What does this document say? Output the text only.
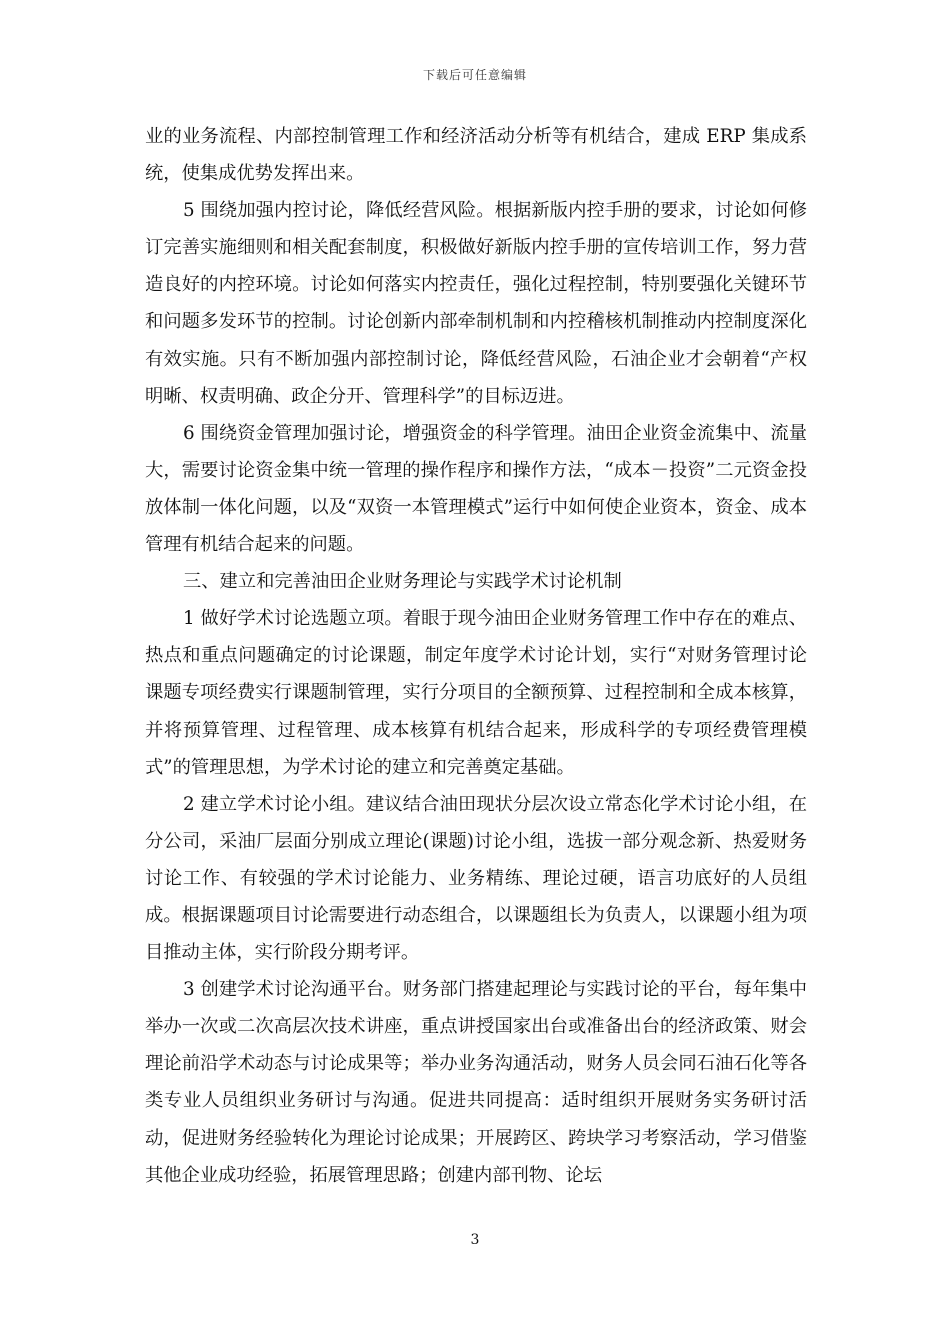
下载后可任意编辑

业的业务流程、内部控制管理工作和经济活动分析等有机结合，建成 ERP 集成系统，使集成优势发挥出来。

5 围绕加强内控讨论，降低经营风险。根据新版内控手册的要求，讨论如何修订完善实施细则和相关配套制度，积极做好新版内控手册的宣传培训工作，努力营造良好的内控环境。讨论如何落实内控责任，强化过程控制，特别要强化关键环节和问题多发环节的控制。讨论创新内部牵制机制和内控稽核机制推动内控制度深化有效实施。只有不断加强内部控制讨论，降低经营风险，石油企业才会朝着“产权明晰、权责明确、政企分开、管理科学”的目标迈进。

6 围绕资金管理加强讨论，增强资金的科学管理。油田企业资金流集中、流量大，需要讨论资金集中统一管理的操作程序和操作方法，“成本－投资”二元资金投放体制一体化问题，以及“双资一本管理模式”运行中如何使企业资本，资金、成本管理有机结合起来的问题。

三、建立和完善油田企业财务理论与实践学术讨论机制

1 做好学术讨论选题立项。着眼于现今油田企业财务管理工作中存在的难点、热点和重点问题确定的讨论课题，制定年度学术讨论计划，实行“对财务管理讨论课题专项经费实行课题制管理，实行分项目的全额预算、过程控制和全成本核算，并将预算管理、过程管理、成本核算有机结合起来，形成科学的专项经费管理模式”的管理思想，为学术讨论的建立和完善奠定基础。

2 建立学术讨论小组。建议结合油田现状分层次设立常态化学术讨论小组，在分公司，采油厂层面分别成立理论(课题)讨论小组，选拔一部分观念新、热爱财务讨论工作、有较强的学术讨论能力、业务精练、理论过硬，语言功底好的人员组成。根据课题项目讨论需要进行动态组合，以课题组长为负责人，以课题小组为项目推动主体，实行阶段分期考评。

3 创建学术讨论沟通平台。财务部门搭建起理论与实践讨论的平台，每年集中举办一次或二次高层次技术讲座，重点讲授国家出台或准备出台的经济政策、财会理论前沿学术动态与讨论成果等；举办业务沟通活动，财务人员会同石油石化等各类专业人员组织业务研讨与沟通。促进共同提高：适时组织开展财务实务研讨活动，促进财务经验转化为理论讨论成果；开展跨区、跨块学习考察活动，学习借鉴其他企业成功经验，拓展管理思路；创建内部刊物、论坛

3
